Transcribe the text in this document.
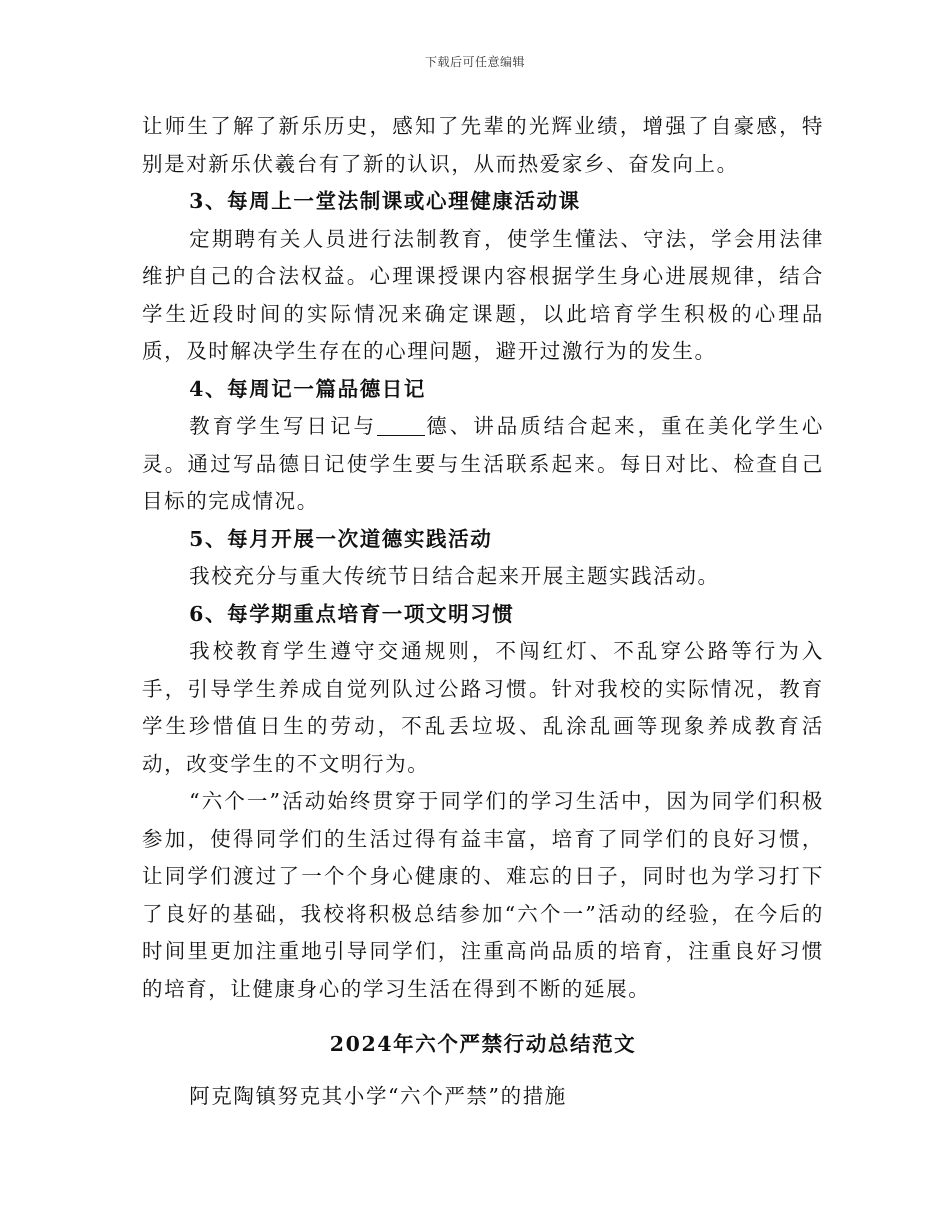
下载后可任意编辑

让师生了解了新乐历史，感知了先辈的光辉业绩，增强了自豪感，特别是对新乐伏羲台有了新的认识，从而热爱家乡、奋发向上。

3、每周上一堂法制课或心理健康活动课

定期聘有关人员进行法制教育，使学生懂法、守法，学会用法律维护自己的合法权益。心理课授课内容根据学生身心进展规律，结合学生近段时间的实际情况来确定课题，以此培育学生积极的心理品质，及时解决学生存在的心理问题，避开过激行为的发生。

4、每周记一篇品德日记

教育学生写日记与 德、讲品质结合起来，重在美化学生心灵。通过写品德日记使学生要与生活联系起来。每日对比、检查自己目标的完成情况。

5、每月开展一次道德实践活动

我校充分与重大传统节日结合起来开展主题实践活动。

6、每学期重点培育一项文明习惯

我校教育学生遵守交通规则，不闯红灯、不乱穿公路等行为入手，引导学生养成自觉列队过公路习惯。针对我校的实际情况，教育学生珍惜值日生的劳动，不乱丢垃圾、乱涂乱画等现象养成教育活动，改变学生的不文明行为。

“六个一”活动始终贯穿于同学们的学习生活中，因为同学们积极参加，使得同学们的生活过得有益丰富，培育了同学们的良好习惯，让同学们渡过了一个个身心健康的、难忘的日子，同时也为学习打下了良好的基础，我校将积极总结参加“六个一”活动的经验，在今后的时间里更加注重地引导同学们，注重高尚品质的培育，注重良好习惯的培育，让健康身心的学习生活在得到不断的延展。

2024年六个严禁行动总结范文

阿克陶镇努克其小学“六个严禁”的措施
